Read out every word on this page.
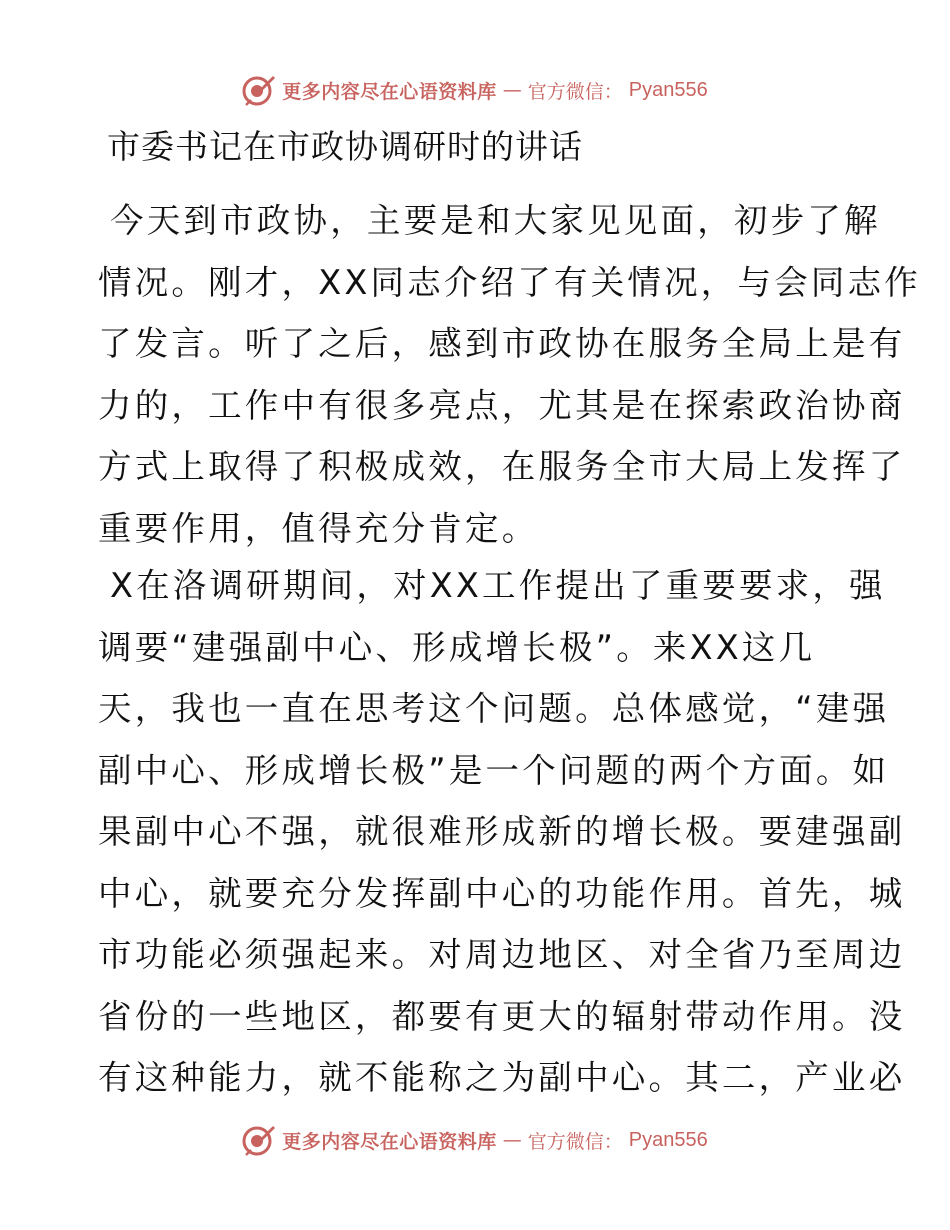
更多内容尽在心语资料库 — 官方微信： Pyan556
市委书记在市政协调研时的讲话
今天到市政协，主要是和大家见见面，初步了解
情况。刚才，XX同志介绍了有关情况，与会同志作
了发言。听了之后，感到市政协在服务全局上是有
力的，工作中有很多亮点，尤其是在探索政治协商
方式上取得了积极成效，在服务全市大局上发挥了
重要作用，值得充分肯定。
X在洛调研期间，对XX工作提出了重要要求，强
调要“建强副中心、形成增长极”。来XX这几
天，我也一直在思考这个问题。总体感觉，“建强
副中心、形成增长极”是一个问题的两个方面。如
果副中心不强，就很难形成新的增长极。要建强副
中心，就要充分发挥副中心的功能作用。首先，城
市功能必须强起来。对周边地区、对全省乃至周边
省份的一些地区，都要有更大的辐射带动作用。没
有这种能力，就不能称之为副中心。其二，产业必
更多内容尽在心语资料库 — 官方微信： Pyan556
